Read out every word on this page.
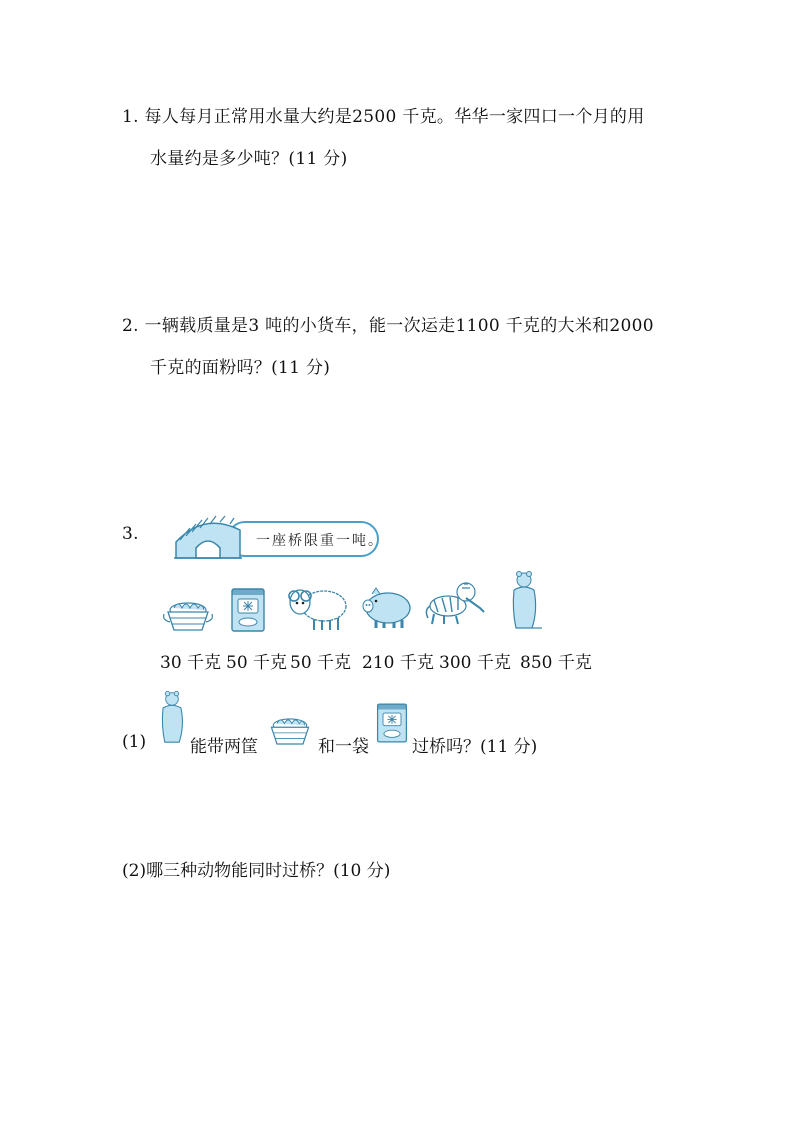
1. 每人每月正常用水量大约是2500 千克。华华一家四口一个月的用
水量约是多少吨？(11 分)
2. 一辆载质量是3 吨的小货车，能一次运走1100 千克的大米和2000
千克的面粉吗？(11 分)
3.	一座桥限重一吨。
30 千克 50 千克 50 千克 210 千克 300 千克 850 千克
(1)	能带两筐	和一袋	过桥吗？(11 分)
(2)哪三种动物能同时过桥？(10 分)
